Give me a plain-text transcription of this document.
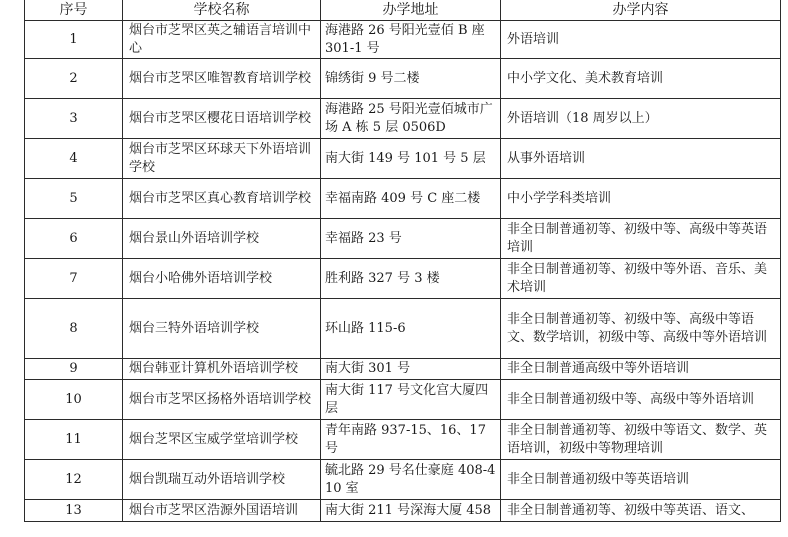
序号	学校名称	办学地址	办学内容
1	烟台市芝罘区英之辅语言培训中心	海港路 26 号阳光壹佰 B 座 301-1 号	外语培训
2	烟台市芝罘区唯智教育培训学校	锦绣街 9 号二楼	中小学文化、美术教育培训
3	烟台市芝罘区樱花日语培训学校	海港路 25 号阳光壹佰城市广场 A 栋 5 层 0506D	外语培训（18 周岁以上）
4	烟台市芝罘区环球天下外语培训学校	南大街 149 号 101 号 5 层	从事外语培训
5	烟台市芝罘区真心教育培训学校	幸福南路 409 号 C 座二楼	中小学学科类培训
6	烟台景山外语培训学校	幸福路 23 号	非全日制普通初等、初级中等、高级中等英语培训
7	烟台小哈佛外语培训学校	胜利路 327 号 3 楼	非全日制普通初等、初级中等外语、音乐、美术培训
8	烟台三特外语培训学校	环山路 115-6	非全日制普通初等、初级中等、高级中等语文、数学培训，初级中等、高级中等外语培训
9	烟台韩亚计算机外语培训学校	南大街 301 号	非全日制普通高级中等外语培训
10	烟台市芝罘区扬格外语培训学校	南大街 117 号文化宫大厦四层	非全日制普通初级中等、高级中等外语培训
11	烟台芝罘区宝威学堂培训学校	青年南路 937-15、16、17 号	非全日制普通初等、初级中等语文、数学、英语培训，初级中等物理培训
12	烟台凯瑞互动外语培训学校	毓北路 29 号名仕豪庭 408-410 室	非全日制普通初级中等英语培训
13	烟台市芝罘区浩源外国语培训	南大街 211 号深海大厦 458	非全日制普通初等、初级中等英语、语文、
